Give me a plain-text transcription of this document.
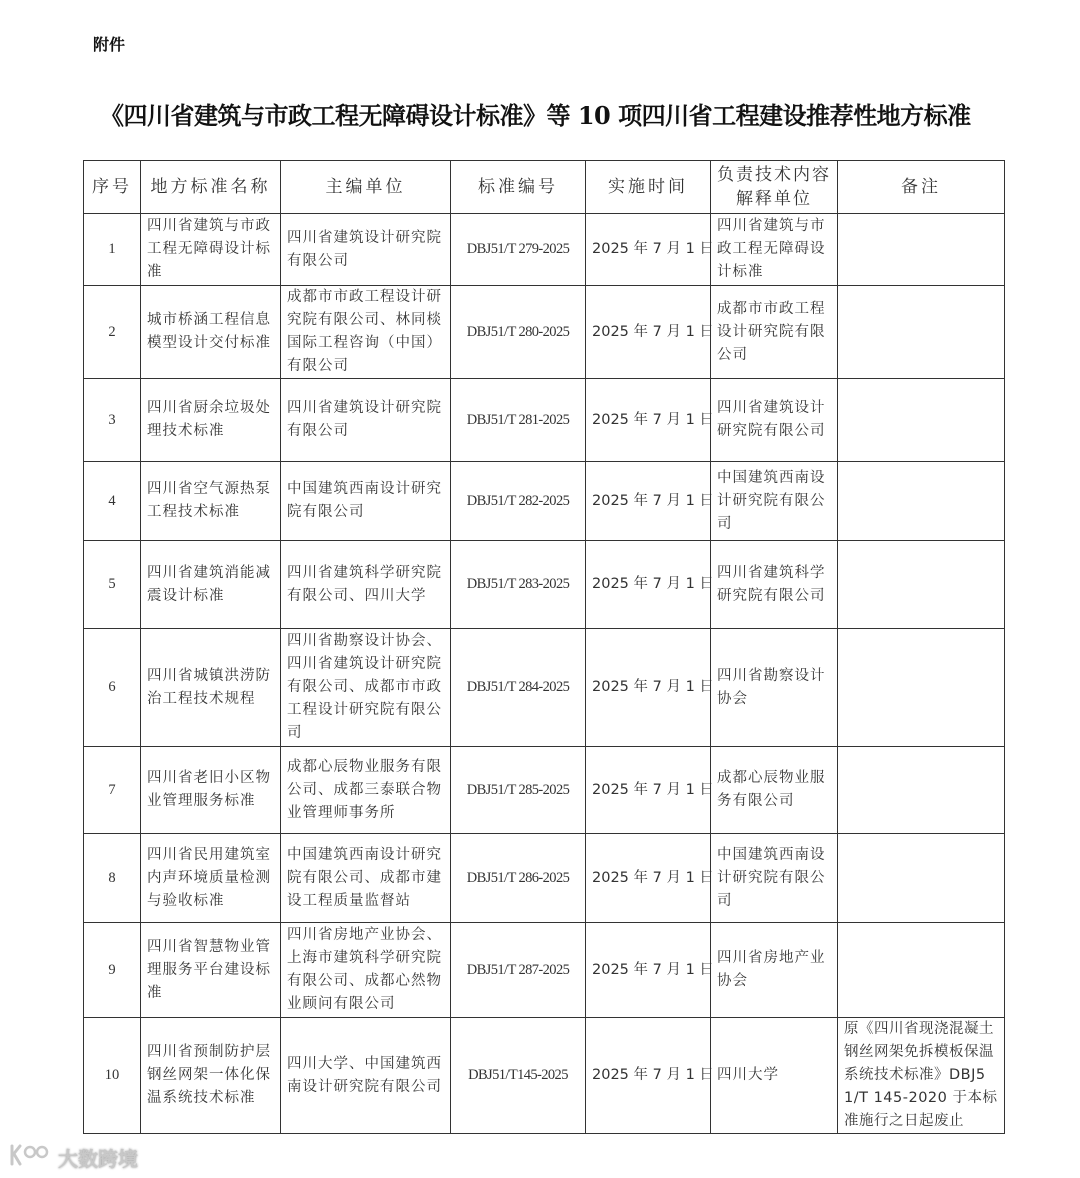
附件
《四川省建筑与市政工程无障碍设计标准》等 10 项四川省工程建设推荐性地方标准
序号	地方标准名称	主编单位	标准编号	实施时间	负责技术内容解释单位	备注
1	四川省建筑与市政工程无障碍设计标准	四川省建筑设计研究院有限公司	DBJ51/T 279-2025	2025 年 7 月 1 日	四川省建筑与市政工程无障碍设计标准	
2	城市桥涵工程信息模型设计交付标准	成都市市政工程设计研究院有限公司、林同棪国际工程咨询（中国）有限公司	DBJ51/T 280-2025	2025 年 7 月 1 日	成都市市政工程设计研究院有限公司	
3	四川省厨余垃圾处理技术标准	四川省建筑设计研究院有限公司	DBJ51/T 281-2025	2025 年 7 月 1 日	四川省建筑设计研究院有限公司	
4	四川省空气源热泵工程技术标准	中国建筑西南设计研究院有限公司	DBJ51/T 282-2025	2025 年 7 月 1 日	中国建筑西南设计研究院有限公司	
5	四川省建筑消能减震设计标准	四川省建筑科学研究院有限公司、四川大学	DBJ51/T 283-2025	2025 年 7 月 1 日	四川省建筑科学研究院有限公司	
6	四川省城镇洪涝防治工程技术规程	四川省勘察设计协会、四川省建筑设计研究院有限公司、成都市市政工程设计研究院有限公司	DBJ51/T 284-2025	2025 年 7 月 1 日	四川省勘察设计协会	
7	四川省老旧小区物业管理服务标准	成都心辰物业服务有限公司、成都三泰联合物业管理师事务所	DBJ51/T 285-2025	2025 年 7 月 1 日	成都心辰物业服务有限公司	
8	四川省民用建筑室内声环境质量检测与验收标准	中国建筑西南设计研究院有限公司、成都市建设工程质量监督站	DBJ51/T 286-2025	2025 年 7 月 1 日	中国建筑西南设计研究院有限公司	
9	四川省智慧物业管理服务平台建设标准	四川省房地产业协会、上海市建筑科学研究院有限公司、成都心然物业顾问有限公司	DBJ51/T 287-2025	2025 年 7 月 1 日	四川省房地产业协会	
10	四川省预制防护层钢丝网架一体化保温系统技术标准	四川大学、中国建筑西南设计研究院有限公司	DBJ51/T145-2025	2025 年 7 月 1 日	四川大学	原《四川省现浇混凝土钢丝网架免拆模板保温系统技术标准》DBJ51/T 145-2020 于本标准施行之日起废止
大数跨境
